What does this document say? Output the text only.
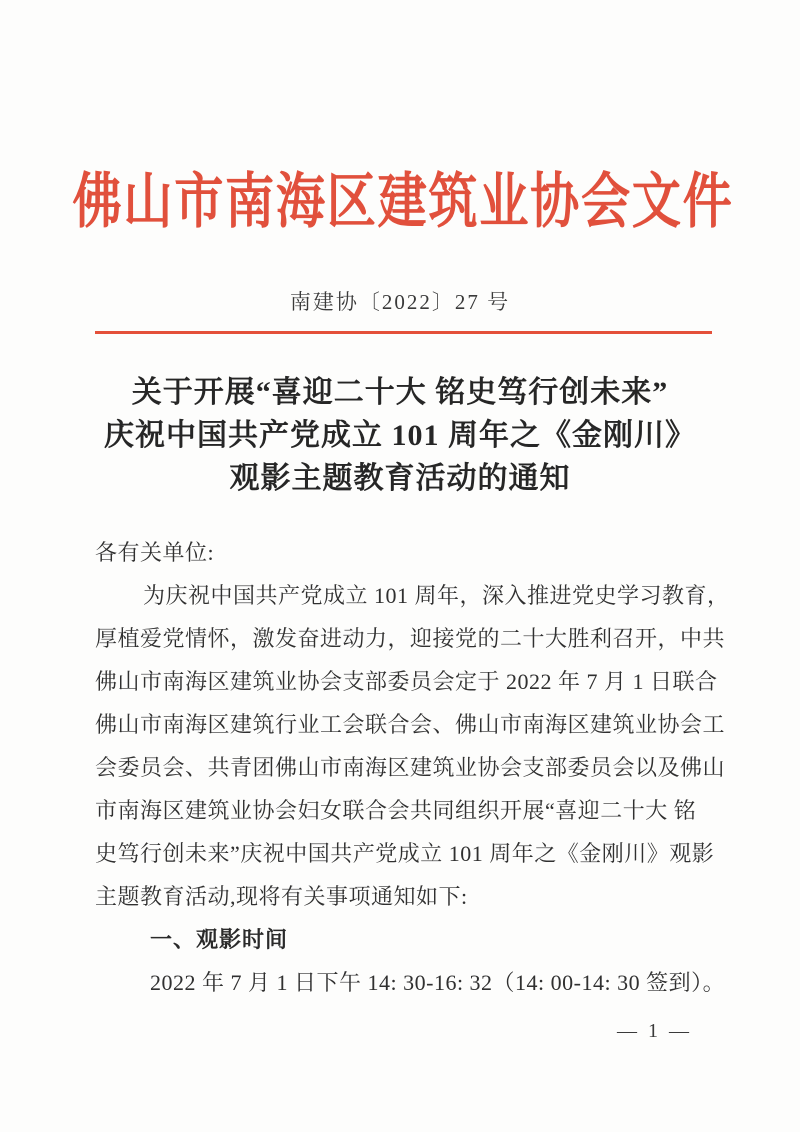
佛山市南海区建筑业协会文件
南建协〔2022〕27 号
关于开展“喜迎二十大 铭史笃行创未来”
庆祝中国共产党成立 101 周年之《金刚川》
观影主题教育活动的通知
各有关单位:
为庆祝中国共产党成立 101 周年，深入推进党史学习教育，
厚植爱党情怀，激发奋进动力，迎接党的二十大胜利召开，中共
佛山市南海区建筑业协会支部委员会定于 2022 年 7 月 1 日联合
佛山市南海区建筑行业工会联合会、佛山市南海区建筑业协会工
会委员会、共青团佛山市南海区建筑业协会支部委员会以及佛山
市南海区建筑业协会妇女联合会共同组织开展“喜迎二十大 铭
史笃行创未来”庆祝中国共产党成立 101 周年之《金刚川》观影
主题教育活动,现将有关事项通知如下:
一、观影时间
2022 年 7 月 1 日下午 14: 30-16: 32（14: 00-14: 30 签到）。
— 1 —
